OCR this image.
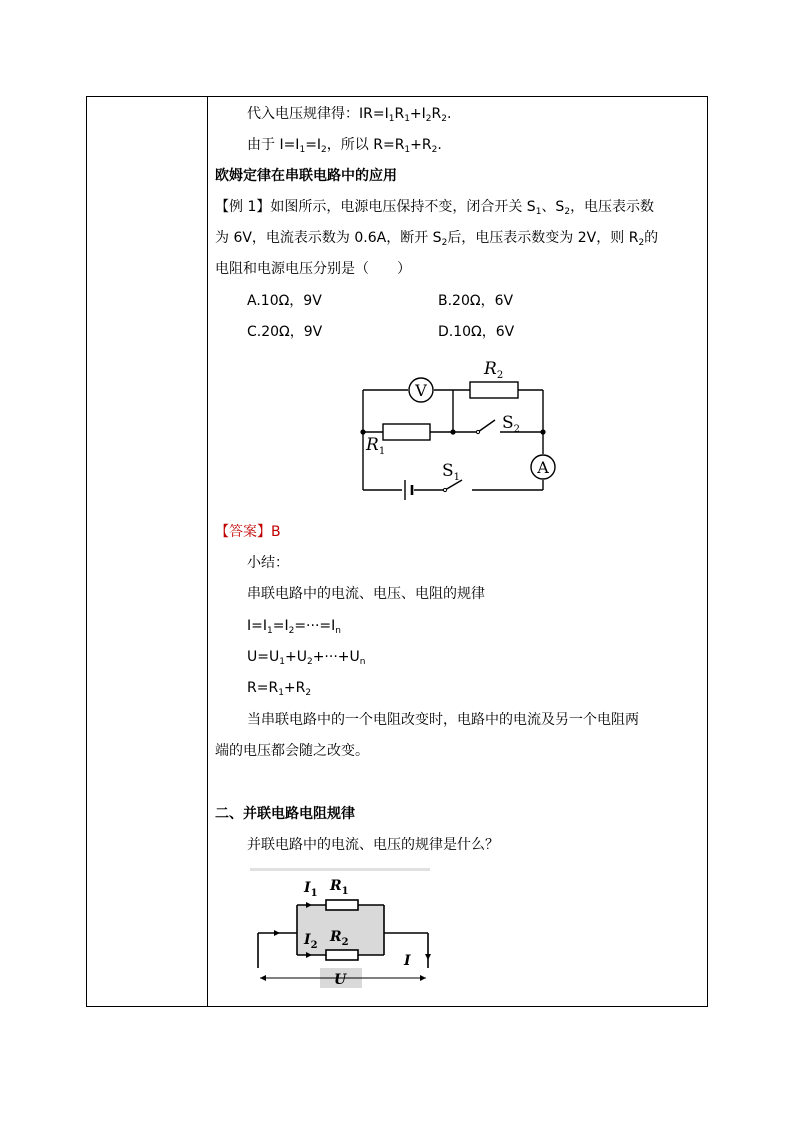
代入电压规律得：$IR=I_1R_1+I_2R_2$.
由于 $I=I_1=I_2$，所以 $R=R_1+R_2$.
欧姆定律在串联电路中的应用
【例 1】如图所示，电源电压保持不变，闭合开关 $S_1$、$S_2$，电压表示数
为 6V，电流表示数为 0.6A，断开 $S_2$后，电压表示数变为 2V，则 $R_2$的
电阻和电源电压分别是（　　）
A.10Ω，9V	B.20Ω，6V
C.20Ω，9V	D.10Ω，6V
V
A
$R_2$
$R_1$
$S_2$
$S_1$
【答案】B
小结：
串联电路中的电流、电压、电阻的规律
$I=I_1=I_2=\cdot\cdot\cdot=I_n$
$U=U_1+U_2+\cdot\cdot\cdot+U_n$
$R=R_1+R_2$
当串联电路中的一个电阻改变时，电路中的电流及另一个电阻两
端的电压都会随之改变。
二、并联电路电阻规律
并联电路中的电流、电压的规律是什么？
$I_1$ $R_1$
$I_2$
$R_2$
I
U
